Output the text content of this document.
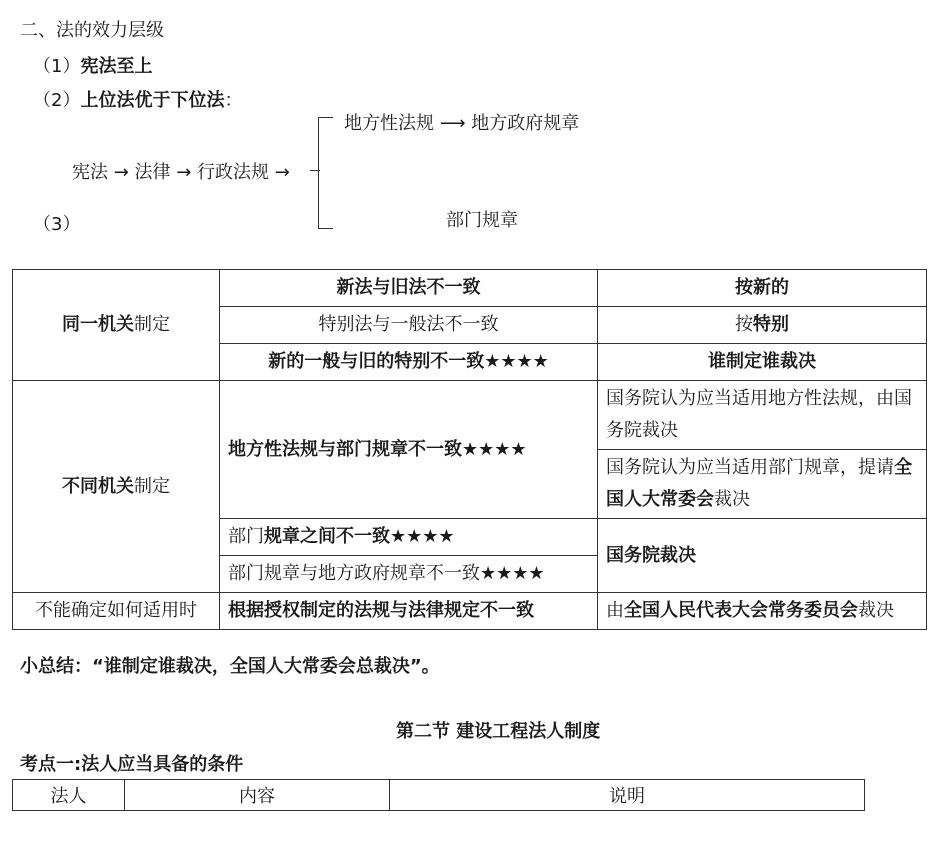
二、法的效力层级
（1）宪法至上
（2）上位法优于下位法：
宪法 → 法律 → 行政法规 →
地方性法规 ⟶ 地方政府规章
部门规章
（3）
同一机关制定	新法与旧法不一致	按新的
	特别法与一般法不一致	按特别
	新的一般与旧的特别不一致★★★★	谁制定谁裁决
不同机关制定	地方性法规与部门规章不一致★★★★	国务院认为应当适用地方性法规，由国务院裁决
		国务院认为应当适用部门规章，提请全国人大常委会裁决
	部门规章之间不一致★★★★	国务院裁决
	部门规章与地方政府规章不一致★★★★	
不能确定如何适用时	根据授权制定的法规与法律规定不一致	由全国人民代表大会常务委员会裁决
小总结：“谁制定谁裁决，全国人大常委会总裁决”。
第二节 建设工程法人制度
考点一:法人应当具备的条件
法人	内容	说明
